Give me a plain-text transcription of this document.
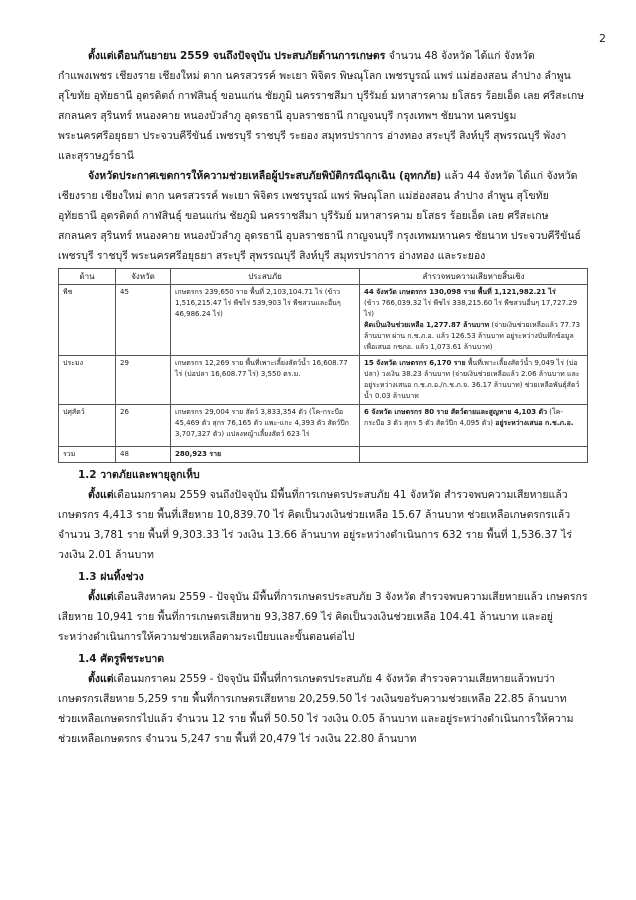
2

ตั้งแต่เดือนกันยายน 2559 จนถึงปัจจุบัน ประสบภัยด้านการเกษตร จำนวน 48 จังหวัด ได้แก่ จังหวัดกำแพงเพชร เชียงราย เชียงใหม่ ตาก นครสวรรค์ พะเยา พิจิตร พิษณุโลก เพชรบูรณ์ แพร่ แม่ฮ่องสอน ลำปาง ลำพูน สุโขทัย อุทัยธานี อุตรดิตถ์ กาฬสินธุ์ ขอนแก่น ชัยภูมิ นครราชสีมา บุรีรัมย์ มหาสารคาม ยโสธร ร้อยเอ็ด เลย ศรีสะเกษ สกลนคร สุรินทร์ หนองคาย หนองบัวลำภู อุดรธานี อุบลราชธานี กาญจนบุรี กรุงเทพฯ ชัยนาท นครปฐม พระนครศรีอยุธยา ประจวบคีรีขันธ์ เพชรบุรี ราชบุรี ระยอง สมุทรปราการ อ่างทอง สระบุรี สิงห์บุรี สุพรรณบุรี พังงา และสุราษฎร์ธานี

จังหวัดประกาศเขตการให้ความช่วยเหลือผู้ประสบภัยพิบัติกรณีฉุกเฉิน (อุทกภัย) แล้ว 44 จังหวัด ได้แก่ จังหวัดเชียงราย เชียงใหม่ ตาก นครสวรรค์ พะเยา พิจิตร เพชรบูรณ์ แพร่ พิษณุโลก แม่ฮ่องสอน ลำปาง ลำพูน สุโขทัย อุทัยธานี อุตรดิตถ์ กาฬสินธุ์ ขอนแก่น ชัยภูมิ นครราชสีมา บุรีรัมย์ มหาสารคาม ยโสธร ร้อยเอ็ด เลย ศรีสะเกษ สกลนคร สุรินทร์ หนองคาย หนองบัวลำภู อุดรธานี อุบลราชธานี กาญจนบุรี กรุงเทพมหานคร ชัยนาท ประจวบคีรีขันธ์ เพชรบุรี ราชบุรี พระนครศรีอยุธยา สระบุรี สุพรรณบุรี สิงห์บุรี สมุทรปราการ อ่างทอง และระยอง

ด้าน	จังหวัด	ประสบภัย	สำรวจพบความเสียหายสิ้นเชิง
พืช	45	เกษตรกร 239,650 ราย พื้นที่ 2,103,104.71 ไร่ (ข้าว 1,516,215.47 ไร่ พืชไร่ 539,903 ไร่ พืชสวนและอื่นๆ 46,986.24 ไร่)	44 จังหวัด เกษตรกร 130,098 ราย พื้นที่ 1,121,982.21 ไร่
(ข้าว 766,039.32 ไร่ พืชไร่ 338,215.60 ไร่ พืชสวนอื่นๆ 17,727.29 ไร่)
คิดเป็นเงินช่วยเหลือ 1,277.87 ล้านบาท (จ่ายเงินช่วยเหลือแล้ว 77.73 ล้านบาท ผ่าน ก.ช.ภ.อ. แล้ว 126.53 ล้านบาท อยู่ระหว่างบันทึกข้อมูลเพื่อเสนอ กชภอ. แล้ว 1,073.61 ล้านบาท)
ประมง	29	เกษตรกร 12,269 ราย พื้นที่เพาะเลี้ยงสัตว์น้ำ 16,608.77 ไร่ (บ่อปลา 16,608.77 ไร่) 3,550 ตร.ม.	15 จังหวัด เกษตรกร 6,170 ราย พื้นที่เพาะเลี้ยงสัตว์น้ำ 9,049 ไร่ (บ่อปลา) วงเงิน 38.23 ล้านบาท (จ่ายเงินช่วยเหลือแล้ว 2.06 ล้านบาท และอยู่ระหว่างเสนอ ก.ช.ภ.อ./ก.ช.ภ.จ. 36.17 ล้านบาท) ช่วยเหลือพันธุ์สัตว์น้ำ 0.03 ล้านบาท
ปศุสัตว์	26	เกษตรกร 29,004 ราย สัตว์ 3,833,354 ตัว (โค-กระบือ 45,469 ตัว สุกร 76,165 ตัว แพะ-แกะ 4,393 ตัว สัตว์ปีก 3,707,327 ตัว) แปลงหญ้าเลี้ยงสัตว์ 623 ไร่	6 จังหวัด เกษตรกร 80 ราย สัตว์ตายและสูญหาย 4,103 ตัว (โค-กระบือ 3 ตัว สุกร 5 ตัว สัตว์ปีก 4,095 ตัว) อยู่ระหว่างเสนอ ก.ช.ภ.อ.
รวม	48	280,923 ราย	
1.2 วาตภัยและพายุลูกเห็บ

ตั้งแต่เดือนมกราคม 2559 จนถึงปัจจุบัน มีพื้นที่การเกษตรประสบภัย 41 จังหวัด สำรวจพบความเสียหายแล้ว เกษตรกร 4,413 ราย พื้นที่เสียหาย 10,839.70 ไร่ คิดเป็นวงเงินช่วยเหลือ 15.67 ล้านบาท ช่วยเหลือเกษตรกรแล้ว จำนวน 3,781 ราย พื้นที่ 9,303.33 ไร่ วงเงิน 13.66 ล้านบาท อยู่ระหว่างดำเนินการ 632 ราย พื้นที่ 1,536.37 ไร่ วงเงิน 2.01 ล้านบาท

1.3 ฝนทิ้งช่วง

ตั้งแต่เดือนสิงหาคม 2559 - ปัจจุบัน มีพื้นที่การเกษตรประสบภัย 3 จังหวัด สำรวจพบความเสียหายแล้ว เกษตรกรเสียหาย 10,941 ราย พื้นที่การเกษตรเสียหาย 93,387.69 ไร่ คิดเป็นวงเงินช่วยเหลือ 104.41 ล้านบาท และอยู่ระหว่างดำเนินการให้ความช่วยเหลือตามระเบียบและขั้นตอนต่อไป

1.4 ศัตรูพืชระบาด

ตั้งแต่เดือนมกราคม 2559 - ปัจจุบัน มีพื้นที่การเกษตรประสบภัย 4 จังหวัด สำรวจความเสียหายแล้วพบว่าเกษตรกรเสียหาย 5,259 ราย พื้นที่การเกษตรเสียหาย 20,259.50 ไร่ วงเงินขอรับความช่วยเหลือ 22.85 ล้านบาท ช่วยเหลือเกษตรกรไปแล้ว จำนวน 12 ราย พื้นที่ 50.50 ไร่ วงเงิน 0.05 ล้านบาท และอยู่ระหว่างดำเนินการให้ความช่วยเหลือเกษตรกร จำนวน 5,247 ราย พื้นที่ 20,479 ไร่ วงเงิน 22.80 ล้านบาท
